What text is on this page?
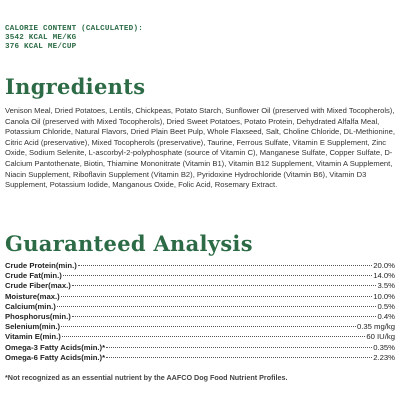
CALORIE CONTENT (CALCULATED):
3542 KCAL ME/KG
376 KCAL ME/CUP
Ingredients
Venison Meal, Dried Potatoes, Lentils, Chickpeas, Potato Starch, Sunflower Oil (preserved with Mixed Tocopherols), Canola Oil (preserved with Mixed Tocopherols), Dried Sweet Potatoes, Potato Protein, Dehydrated Alfalfa Meal, Potassium Chloride, Natural Flavors, Dried Plain Beet Pulp, Whole Flaxseed, Salt, Choline Chloride, DL-Methionine, Citric Acid (preservative), Mixed Tocopherols (preservative), Taurine, Ferrous Sulfate, Vitamin E Supplement, Zinc Oxide, Sodium Selenite, L-ascorbyl-2-polyphosphate (source of Vitamin C), Manganese Sulfate, Copper Sulfate, D-Calcium Pantothenate, Biotin, Thiamine Mononitrate (Vitamin B1), Vitamin B12 Supplement, Vitamin A Supplement, Niacin Supplement, Riboflavin Supplement (Vitamin B2), Pyridoxine Hydrochloride (Vitamin B6), Vitamin D3 Supplement, Potassium Iodide, Manganous Oxide, Folic Acid, Rosemary Extract.
Guaranteed Analysis
Crude Protein (min.)	20.0%
Crude Fat (min.)	14.0%
Crude Fiber (max.)	3.5%
Moisture (max.)	10.0%
Calcium (min.)	0.5%
Phosphorus (min.)	0.4%
Selenium (min.)	0.35 mg/kg
Vitamin E (min.)	60 IU/kg
Omega-3 Fatty Acids (min.)*	0.35%
Omega-6 Fatty Acids (min.)*	2.23%
*Not recognized as an essential nutrient by the AAFCO Dog Food Nutrient Profiles.
